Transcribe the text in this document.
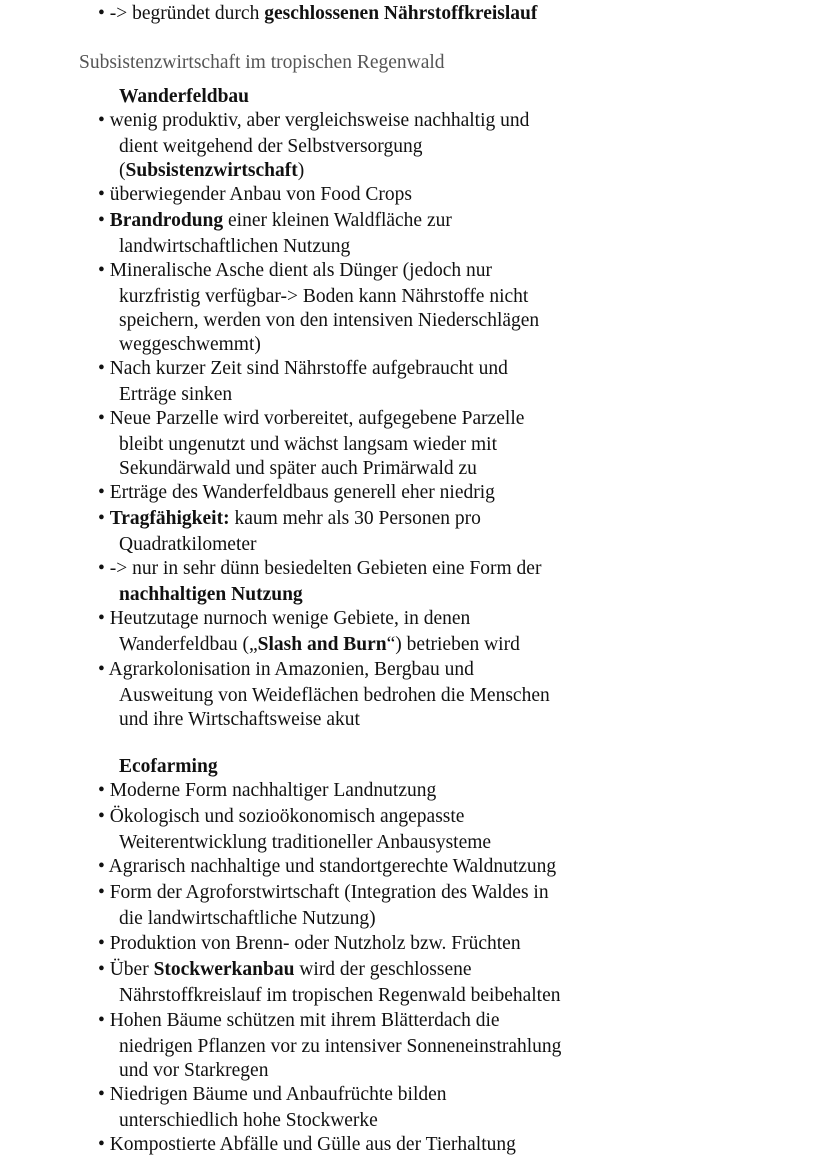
• -> begründet durch geschlossenen Nährstoffkreislauf
Subsistenzwirtschaft im tropischen Regenwald
Wanderfeldbau
• wenig produktiv, aber vergleichsweise nachhaltig und
dient weitgehend der Selbstversorgung
(Subsistenzwirtschaft)
• überwiegender Anbau von Food Crops
• Brandrodung einer kleinen Waldfläche zur
landwirtschaftlichen Nutzung
• Mineralische Asche dient als Dünger (jedoch nur
kurzfristig verfügbar-> Boden kann Nährstoffe nicht
speichern, werden von den intensiven Niederschlägen
weggeschwemmt)
• Nach kurzer Zeit sind Nährstoffe aufgebraucht und
Erträge sinken
• Neue Parzelle wird vorbereitet, aufgegebene Parzelle
bleibt ungenutzt und wächst langsam wieder mit
Sekundärwald und später auch Primärwald zu
• Erträge des Wanderfeldbaus generell eher niedrig
• Tragfähigkeit: kaum mehr als 30 Personen pro
Quadratkilometer
• -> nur in sehr dünn besiedelten Gebieten eine Form der
nachhaltigen Nutzung
• Heutzutage nurnoch wenige Gebiete, in denen
Wanderfeldbau („Slash and Burn“) betrieben wird
• Agrarkolonisation in Amazonien, Bergbau und
Ausweitung von Weideflächen bedrohen die Menschen
und ihre Wirtschaftsweise akut
Ecofarming
• Moderne Form nachhaltiger Landnutzung
• Ökologisch und sozioökonomisch angepasste
Weiterentwicklung traditioneller Anbausysteme
• Agrarisch nachhaltige und standortgerechte Waldnutzung
• Form der Agroforstwirtschaft (Integration des Waldes in
die landwirtschaftliche Nutzung)
• Produktion von Brenn- oder Nutzholz bzw. Früchten
• Über Stockwerkanbau wird der geschlossene
Nährstoffkreislauf im tropischen Regenwald beibehalten
• Hohen Bäume schützen mit ihrem Blätterdach die
niedrigen Pflanzen vor zu intensiver Sonneneinstrahlung
und vor Starkregen
• Niedrigen Bäume und Anbaufrüchte bilden
unterschiedlich hohe Stockwerke
• Kompostierte Abfälle und Gülle aus der Tierhaltung
